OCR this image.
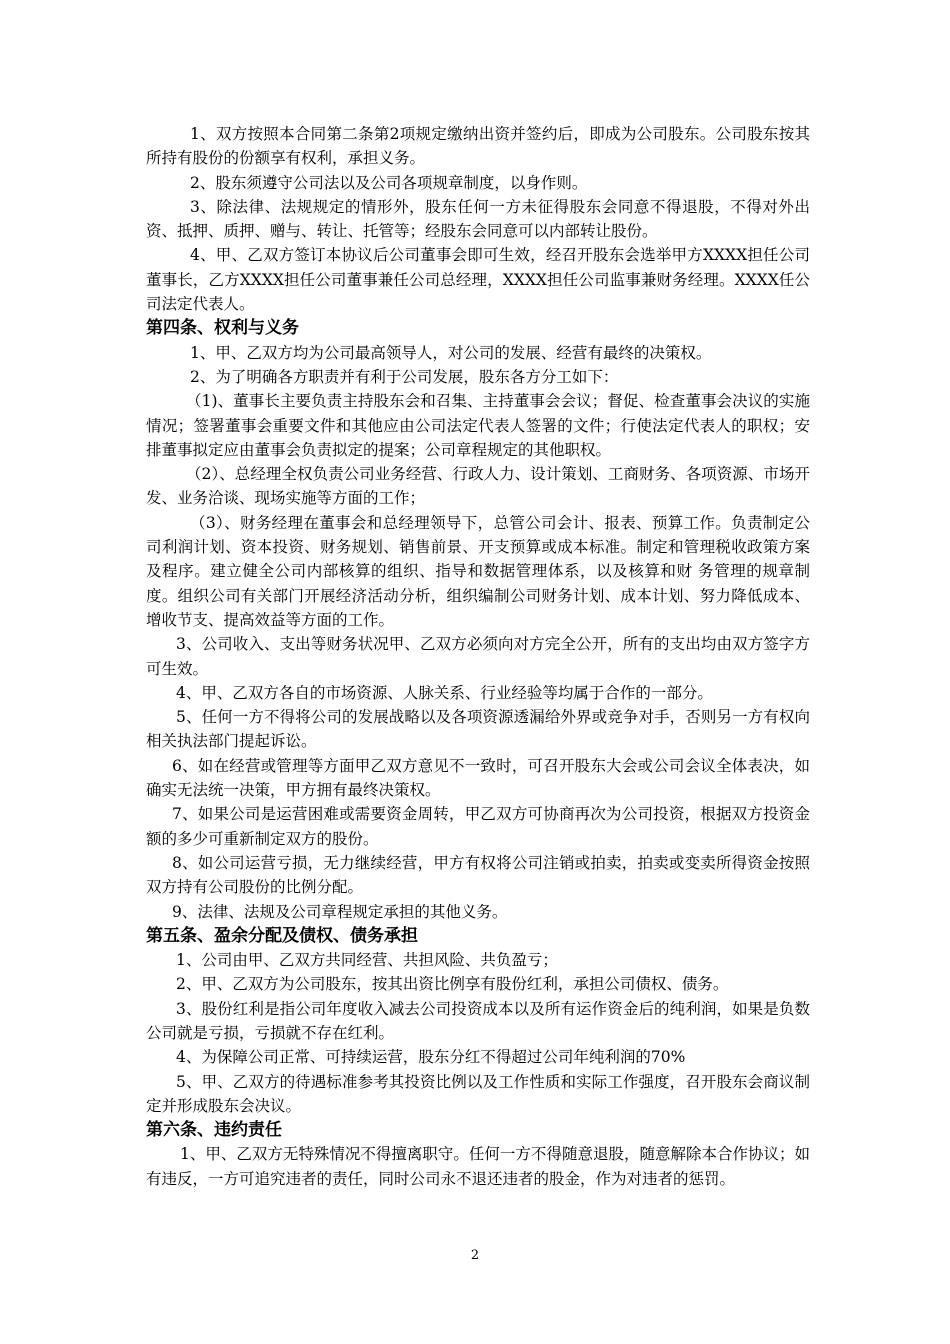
1、双方按照本合同第二条第2项规定缴纳出资并签约后，即成为公司股东。公司股东按其所持有股份的份额享有权利，承担义务。

2、股东须遵守公司法以及公司各项规章制度，以身作则。

3、除法律、法规规定的情形外，股东任何一方未征得股东会同意不得退股，不得对外出资、抵押、质押、赠与、转让、托管等；经股东会同意可以内部转让股份。

4、甲、乙双方签订本协议后公司董事会即可生效，经召开股东会选举甲方XXXX担任公司董事长，乙方XXXX担任公司董事兼任公司总经理，XXXX担任公司监事兼财务经理。XXXX任公司法定代表人。

第四条、权利与义务

1、甲、乙双方均为公司最高领导人，对公司的发展、经营有最终的决策权。

2、为了明确各方职责并有利于公司发展，股东各方分工如下：

（1)、董事长主要负责主持股东会和召集、主持董事会会议；督促、检查董事会决议的实施情况；签署董事会重要文件和其他应由公司法定代表人签署的文件；行使法定代表人的职权；安排董事拟定应由董事会负责拟定的提案；公司章程规定的其他职权。

（2）、总经理全权负责公司业务经营、行政人力、设计策划、工商财务、各项资源、市场开发、业务洽谈、现场实施等方面的工作；

（3）、财务经理在董事会和总经理领导下，总管公司会计、报表、预算工作。负责制定公司利润计划、资本投资、财务规划、销售前景、开支预算或成本标准。制定和管理税收政策方案及程序。建立健全公司内部核算的组织、指导和数据管理体系，以及核算和财 务管理的规章制度。组织公司有关部门开展经济活动分析，组织编制公司财务计划、成本计划、努力降低成本、增收节支、提高效益等方面的工作。

3、公司收入、支出等财务状况甲、乙双方必须向对方完全公开，所有的支出均由双方签字方可生效。

4、甲、乙双方各自的市场资源、人脉关系、行业经验等均属于合作的一部分。

5、任何一方不得将公司的发展战略以及各项资源透漏给外界或竞争对手，否则另一方有权向相关执法部门提起诉讼。

6、如在经营或管理等方面甲乙双方意见不一致时，可召开股东大会或公司会议全体表决，如确实无法统一决策，甲方拥有最终决策权。

7、如果公司是运营困难或需要资金周转，甲乙双方可协商再次为公司投资，根据双方投资金额的多少可重新制定双方的股份。

8、如公司运营亏损，无力继续经营，甲方有权将公司注销或拍卖，拍卖或变卖所得资金按照双方持有公司股份的比例分配。

9、法律、法规及公司章程规定承担的其他义务。

第五条、盈余分配及债权、债务承担

1、公司由甲、乙双方共同经营、共担风险、共负盈亏；

2、甲、乙双方为公司股东，按其出资比例享有股份红利，承担公司债权、债务。

3、股份红利是指公司年度收入减去公司投资成本以及所有运作资金后的纯利润，如果是负数公司就是亏损，亏损就不存在红利。

4、为保障公司正常、可持续运营，股东分红不得超过公司年纯利润的70%

5、甲、乙双方的待遇标准参考其投资比例以及工作性质和实际工作强度，召开股东会商议制定并形成股东会决议。

第六条、违约责任

1、甲、乙双方无特殊情况不得擅离职守。任何一方不得随意退股，随意解除本合作协议；如有违反，一方可追究违者的责任，同时公司永不退还违者的股金，作为对违者的惩罚。

2
